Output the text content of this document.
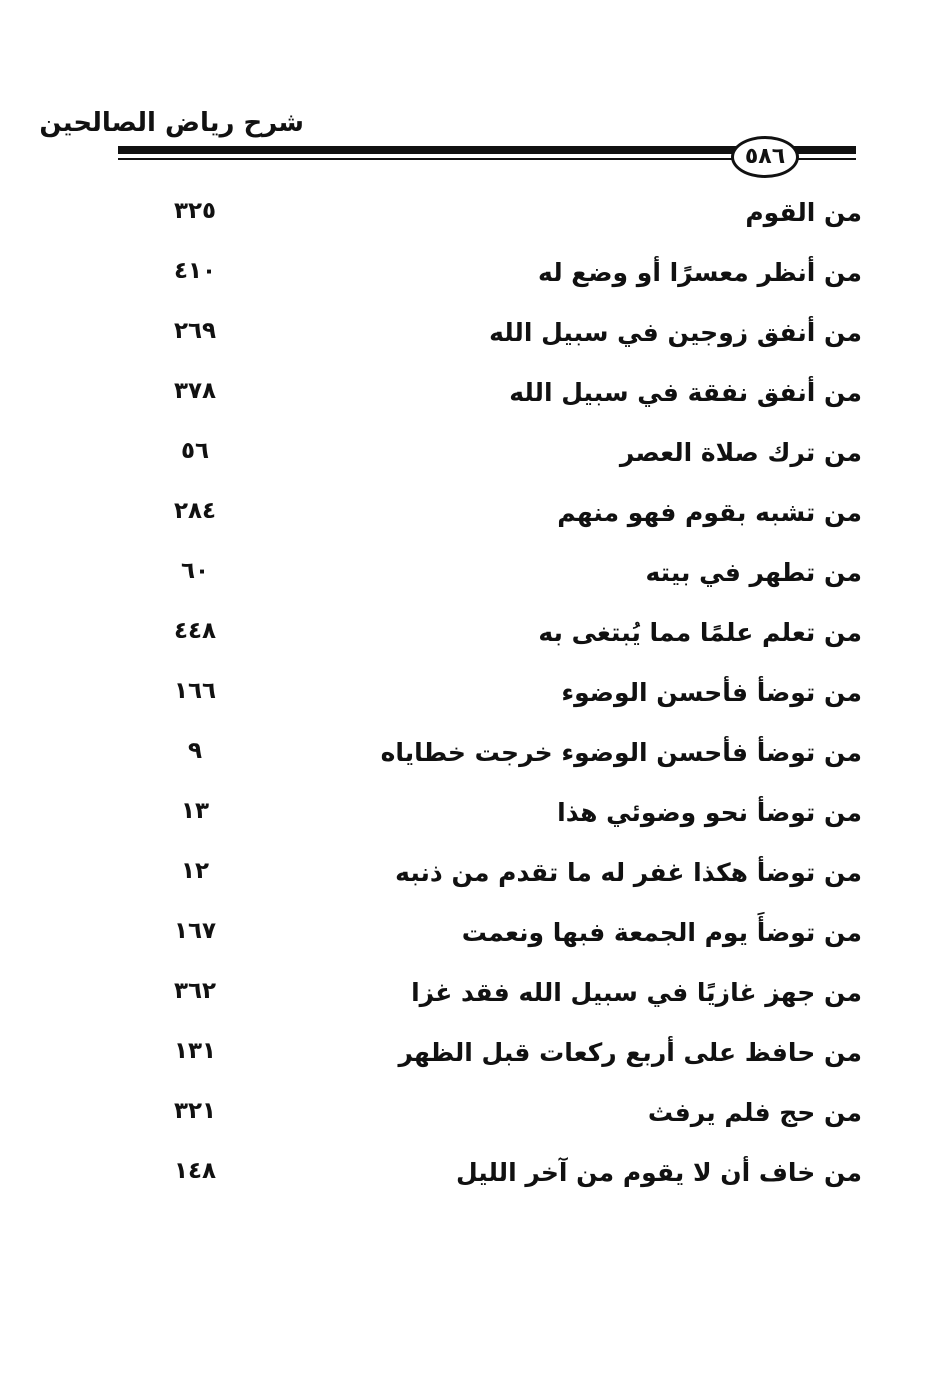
شرح رياض الصالحين
٥٨٦
من القوم
٣٢٥
من أنظر معسرًا أو وضع له
٤١٠
من أنفق زوجين في سبيل الله
٢٦٩
من أنفق نفقة في سبيل الله
٣٧٨
من ترك صلاة العصر
٥٦
من تشبه بقوم فهو منهم
٢٨٤
من تطهر في بيته
٦٠
من تعلم علمًا مما يُبتغى به
٤٤٨
من توضأ فأحسن الوضوء
١٦٦
من توضأ فأحسن الوضوء خرجت خطاياه
٩
من توضأ نحو وضوئي هذا
١٣
من توضأ هكذا غفر له ما تقدم من ذنبه
١٢
من توضأَ يوم الجمعة فبها ونعمت
١٦٧
من جهز غازيًا في سبيل الله فقد غزا
٣٦٢
من حافظ على أربع ركعات قبل الظهر
١٣١
من حج فلم يرفث
٣٢١
من خاف أن لا يقوم من آخر الليل
١٤٨
